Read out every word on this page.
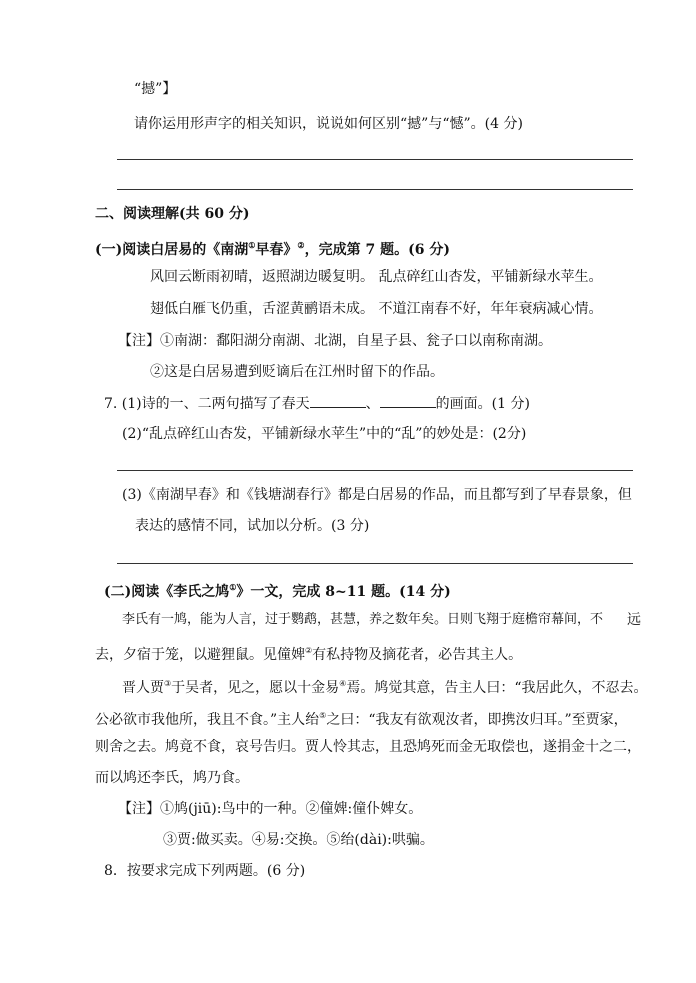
“撼”】
请你运用形声字的相关知识，说说如何区别“撼”与“憾”。(4 分)
二、阅读理解(共 60 分)
(一)阅读白居易的《南湖①早春》②，完成第 7 题。(6 分)
风回云断雨初晴，返照湖边暖复明。 乱点碎红山杏发，平铺新绿水苹生。
翅低白雁飞仍重，舌涩黄鹂语未成。 不道江南春不好，年年衰病减心情。
【注】①南湖：鄱阳湖分南湖、北湖，自星子县、瓮子口以南称南湖。
②这是白居易遭到贬谪后在江州时留下的作品。
7. (1)诗的一、二两句描写了春天	、	的画面。(1 分)
(2)“乱点碎红山杏发，平铺新绿水苹生”中的“乱”的妙处是：(2分)
(3)《南湖早春》和《钱塘湖春行》都是白居易的作品，而且都写到了早春景象，但
表达的感情不同，试加以分析。(3 分)
(二)阅读《李氏之鸠①》一文，完成 8~11 题。(14 分)
李氏有一鸠，能为人言，过于鹦鹉，甚慧，养之数年矣。日则飞翔于庭檐帘幕间，不 远
去，夕宿于笼，以避狸鼠。见僮婢②有私持物及摘花者，必告其主人。
晋人贾③于吴者，见之，愿以十金易④焉。鸠觉其意，告主人曰：“我居此久，不忍去。
公必欲市我他所，我且不食。”主人绐⑤之曰：“我友有欲观汝者，即携汝归耳。”至贾家，
则舍之去。鸠竟不食，哀号告归。贾人怜其志，且恐鸠死而金无取偿也，遂捐金十之二，
而以鸠还李氏，鸠乃食。
【注】①鸠(jiū):鸟中的一种。②僮婢:僮仆婢女。
③贾:做买卖。④易:交换。⑤绐(dài):哄骗。
8．按要求完成下列两题。(6 分)
